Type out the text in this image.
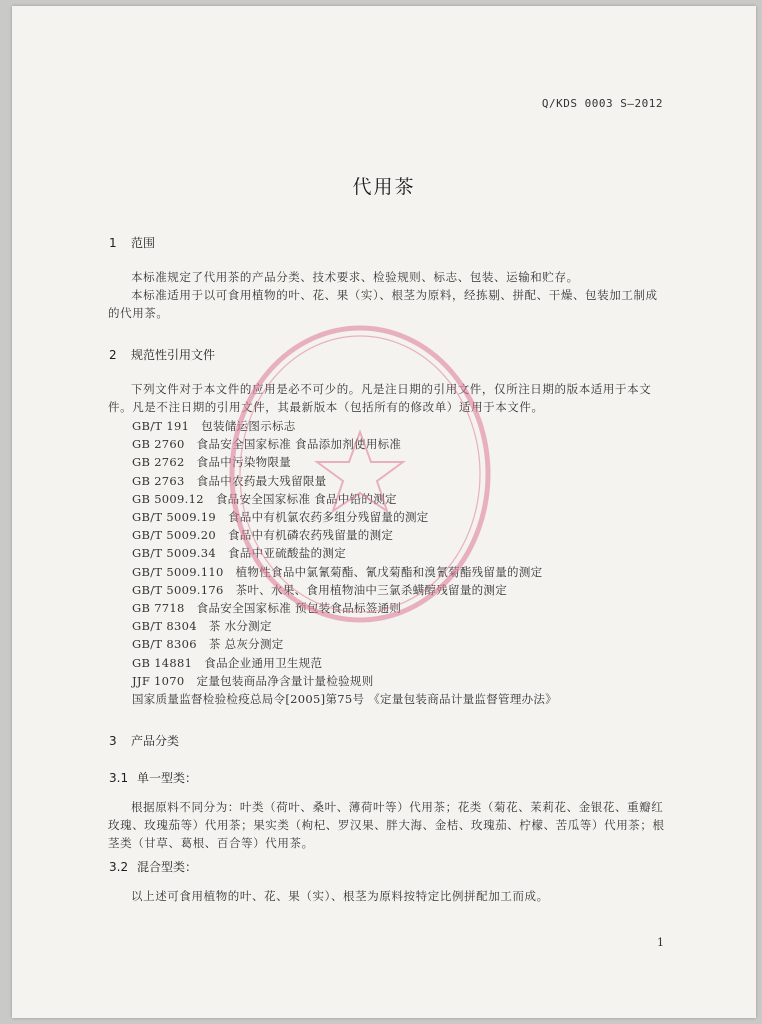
Q/KDS 0003 S—2012
代用茶
1 范围

本标准规定了代用茶的产品分类、技术要求、检验规则、标志、包装、运输和贮存。

本标准适用于以可食用植物的叶、花、果（实）、根茎为原料，经拣剔、拼配、干燥、包装加工制成的代用茶。

2 规范性引用文件

下列文件对于本文件的应用是必不可少的。凡是注日期的引用文件，仅所注日期的版本适用于本文件。凡是不注日期的引用文件，其最新版本（包括所有的修改单）适用于本文件。

GB/T 191 包装储运图示标志
GB 2760 食品安全国家标准 食品添加剂使用标准
GB 2762 食品中污染物限量
GB 2763 食品中农药最大残留限量
GB 5009.12 食品安全国家标准 食品中铅的测定
GB/T 5009.19 食品中有机氯农药多组分残留量的测定
GB/T 5009.20 食品中有机磷农药残留量的测定
GB/T 5009.34 食品中亚硫酸盐的测定
GB/T 5009.110 植物性食品中氯氰菊酯、氰戊菊酯和溴氰菊酯残留量的测定
GB/T 5009.176 茶叶、水果、食用植物油中三氯杀螨醇残留量的测定
GB 7718 食品安全国家标准 预包装食品标签通则
GB/T 8304 茶 水分测定
GB/T 8306 茶 总灰分测定
GB 14881 食品企业通用卫生规范
JJF 1070 定量包装商品净含量计量检验规则
国家质量监督检验检疫总局令[2005]第75号 《定量包装商品计量监督管理办法》
3 产品分类
3.1 单一型类：

根据原料不同分为：叶类（荷叶、桑叶、薄荷叶等）代用茶；花类（菊花、茉莉花、金银花、重瓣红玫瑰、玫瑰茄等）代用茶；果实类（枸杞、罗汉果、胖大海、金桔、玫瑰茄、柠檬、苦瓜等）代用茶；根茎类（甘草、葛根、百合等）代用茶。

3.2 混合型类：

以上述可食用植物的叶、花、果（实）、根茎为原料按特定比例拼配加工而成。

1
